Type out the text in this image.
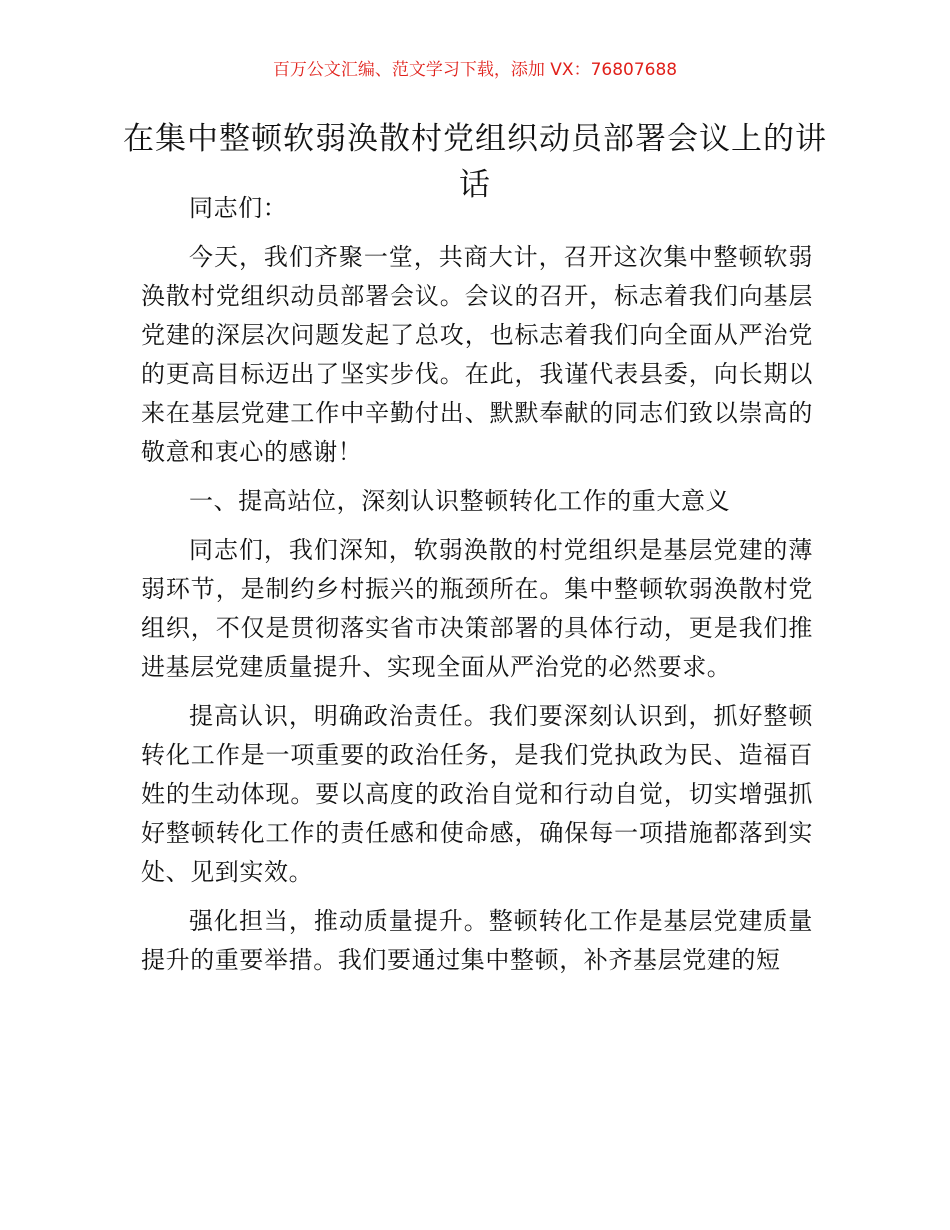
百万公文汇编、范文学习下载，添加 VX：76807688
在集中整顿软弱涣散村党组织动员部署会议上的讲话

同志们：

今天，我们齐聚一堂，共商大计，召开这次集中整顿软弱涣散村党组织动员部署会议。会议的召开，标志着我们向基层党建的深层次问题发起了总攻，也标志着我们向全面从严治党的更高目标迈出了坚实步伐。在此，我谨代表县委，向长期以来在基层党建工作中辛勤付出、默默奉献的同志们致以崇高的敬意和衷心的感谢！

一、提高站位，深刻认识整顿转化工作的重大意义

同志们，我们深知，软弱涣散的村党组织是基层党建的薄弱环节，是制约乡村振兴的瓶颈所在。集中整顿软弱涣散村党组织，不仅是贯彻落实省市决策部署的具体行动，更是我们推进基层党建质量提升、实现全面从严治党的必然要求。

提高认识，明确政治责任。我们要深刻认识到，抓好整顿转化工作是一项重要的政治任务，是我们党执政为民、造福百姓的生动体现。要以高度的政治自觉和行动自觉，切实增强抓好整顿转化工作的责任感和使命感，确保每一项措施都落到实处、见到实效。

强化担当，推动质量提升。整顿转化工作是基层党建质量提升的重要举措。我们要通过集中整顿，补齐基层党建的短
